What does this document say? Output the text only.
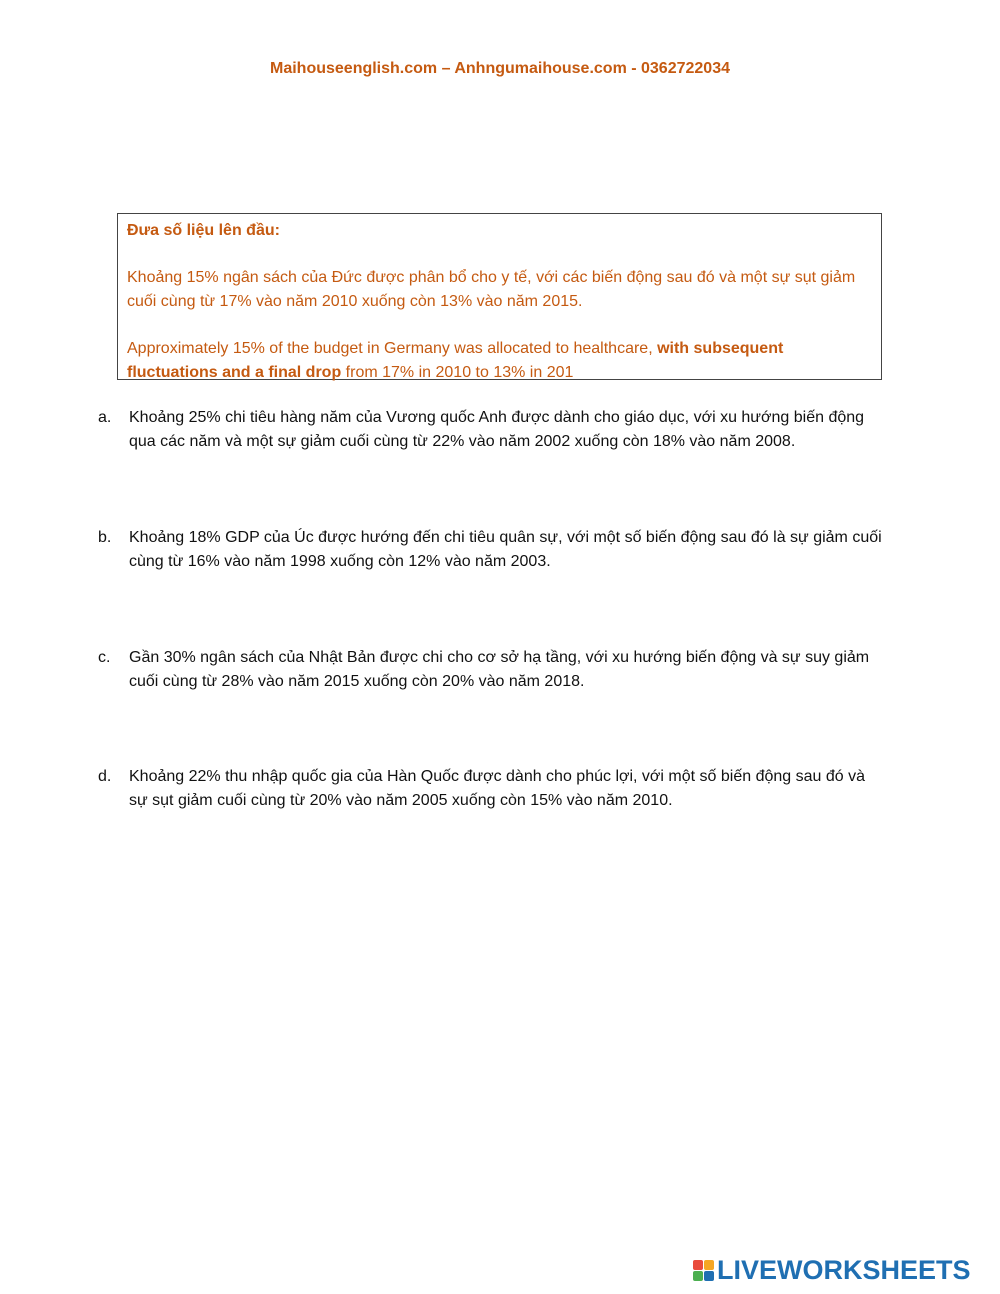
Maihouseenglish.com – Anhngumaihouse.com - 0362722034

Đưa số liệu lên đầu:

Khoảng 15% ngân sách của Đức được phân bổ cho y tế, với các biến động sau đó và một sự sụt giảm cuối cùng từ 17% vào năm 2010 xuống còn 13% vào năm 2015.

Approximately 15% of the budget in Germany was allocated to healthcare, with subsequent fluctuations and a final drop from 17% in 2010 to 13% in 201

a.	Khoảng 25% chi tiêu hàng năm của Vương quốc Anh được dành cho giáo dục, với xu hướng biến động qua các năm và một sự giảm cuối cùng từ 22% vào năm 2002 xuống còn 18% vào năm 2008.
b.	Khoảng 18% GDP của Úc được hướng đến chi tiêu quân sự, với một số biến động sau đó là sự giảm cuối cùng từ 16% vào năm 1998 xuống còn 12% vào năm 2003.
c.	Gần 30% ngân sách của Nhật Bản được chi cho cơ sở hạ tầng, với xu hướng biến động và sự suy giảm cuối cùng từ 28% vào năm 2015 xuống còn 20% vào năm 2018.
d.	Khoảng 22% thu nhập quốc gia của Hàn Quốc được dành cho phúc lợi, với một số biến động sau đó và sự sụt giảm cuối cùng từ 20% vào năm 2005 xuống còn 15% vào năm 2010.
LIVEWORKSHEETS
